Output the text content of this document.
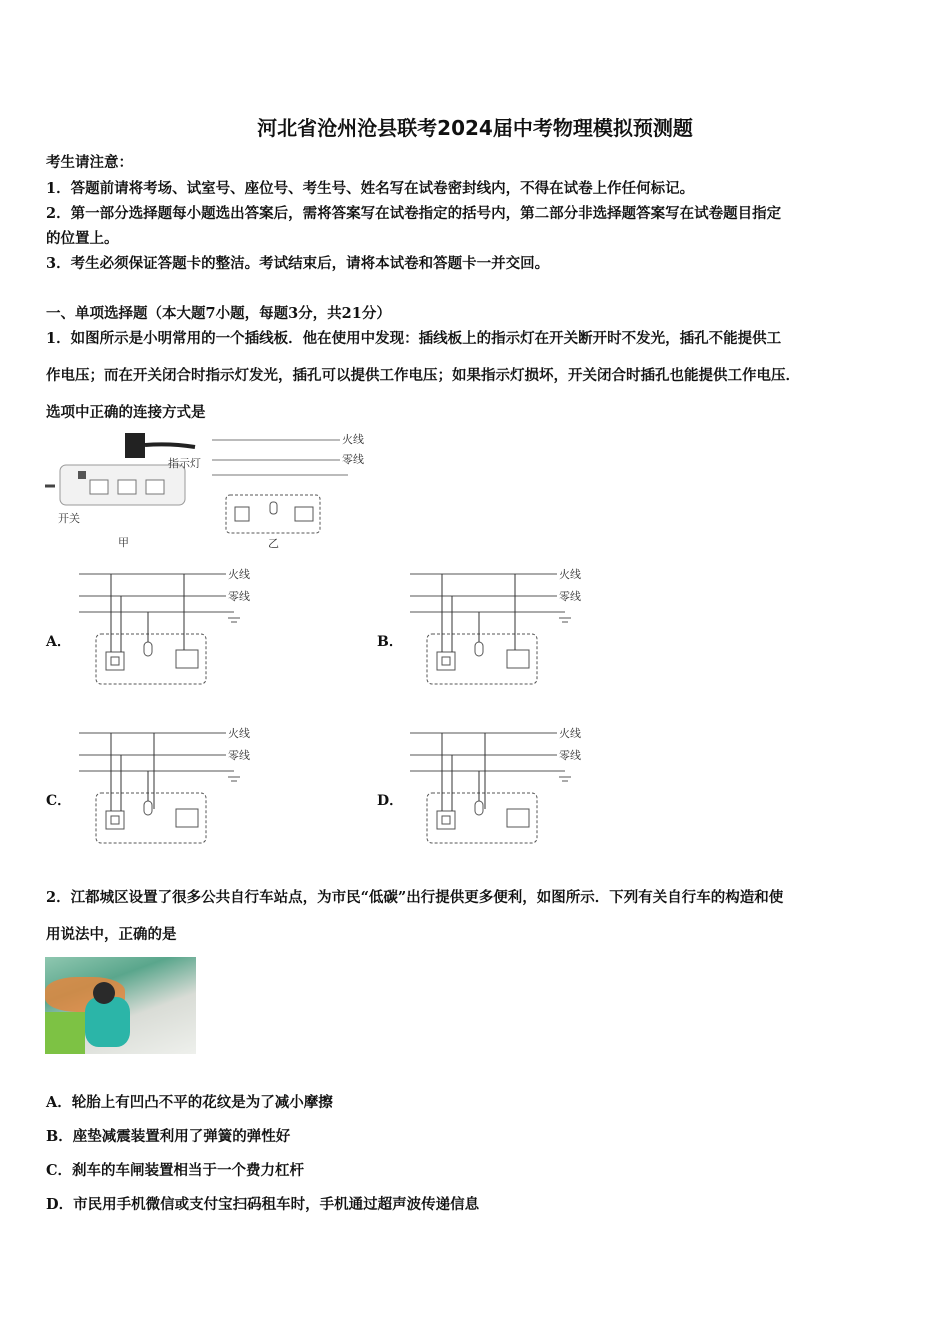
河北省沧州沧县联考2024届中考物理模拟预测题
考生请注意：
1．答题前请将考场、试室号、座位号、考生号、姓名写在试卷密封线内，不得在试卷上作任何标记。
2．第一部分选择题每小题选出答案后，需将答案写在试卷指定的括号内，第二部分非选择题答案写在试卷题目指定
的位置上。
3．考生必须保证答题卡的整洁。考试结束后，请将本试卷和答题卡一并交回。
一、单项选择题（本大题7小题，每题3分，共21分）
1．如图所示是小明常用的一个插线板．他在使用中发现：插线板上的指示灯在开关断开时不发光，插孔不能提供工
作电压；而在开关闭合时指示灯发光，插孔可以提供工作电压；如果指示灯损坏，开关闭合时插孔也能提供工作电压．
选项中正确的连接方式是
指示灯
开关
甲
火线
零线
乙
A．	B．
C．	D．
火线
零线
火线
零线
火线
零线
火线
零线
2．江都城区设置了很多公共自行车站点，为市民“低碳”出行提供更多便利，如图所示．下列有关自行车的构造和使
用说法中，正确的是
A．轮胎上有凹凸不平的花纹是为了减小摩擦
B．座垫减震装置利用了弹簧的弹性好
C．刹车的车闸装置相当于一个费力杠杆
D．市民用手机微信或支付宝扫码租车时，手机通过超声波传递信息
